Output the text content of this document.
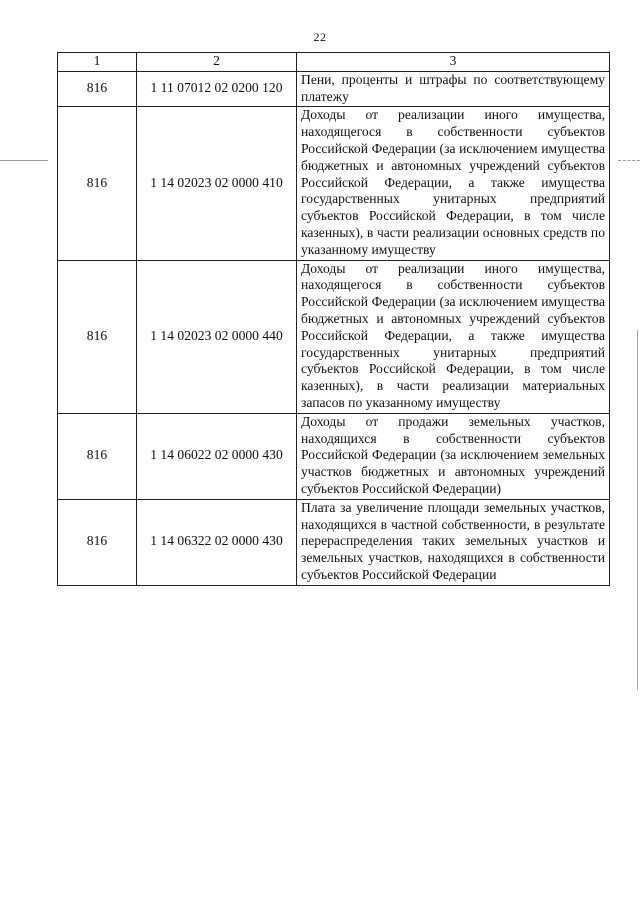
22
1	2	3
816	1 11 07012 02 0200 120	Пени, проценты и штрафы по соответствующему платежу
816	1 14 02023 02 0000 410	Доходы от реализации иного имущества, находящегося в собственности субъектов Российской Федерации (за исключением имущества бюджетных и автономных учреждений субъектов Российской Федерации, а также имущества государственных унитарных предприятий субъектов Российской Федерации, в том числе казенных), в части реализации основных средств по указанному имуществу
816	1 14 02023 02 0000 440	Доходы от реализации иного имущества, находящегося в собственности субъектов Российской Федерации (за исключением имущества бюджетных и автономных учреждений субъектов Российской Федерации, а также имущества государственных унитарных предприятий субъектов Российской Федерации, в том числе казенных), в части реализации материальных запасов по указанному имуществу
816	1 14 06022 02 0000 430	Доходы от продажи земельных участков, находящихся в собственности субъектов Российской Федерации (за исключением земельных участков бюджетных и автономных учреждений субъектов Российской Федерации)
816	1 14 06322 02 0000 430	Плата за увеличение площади земельных участков, находящихся в частной собственности, в результате перераспределения таких земельных участков и земельных участков, находящихся в собственности субъектов Российской Федерации
